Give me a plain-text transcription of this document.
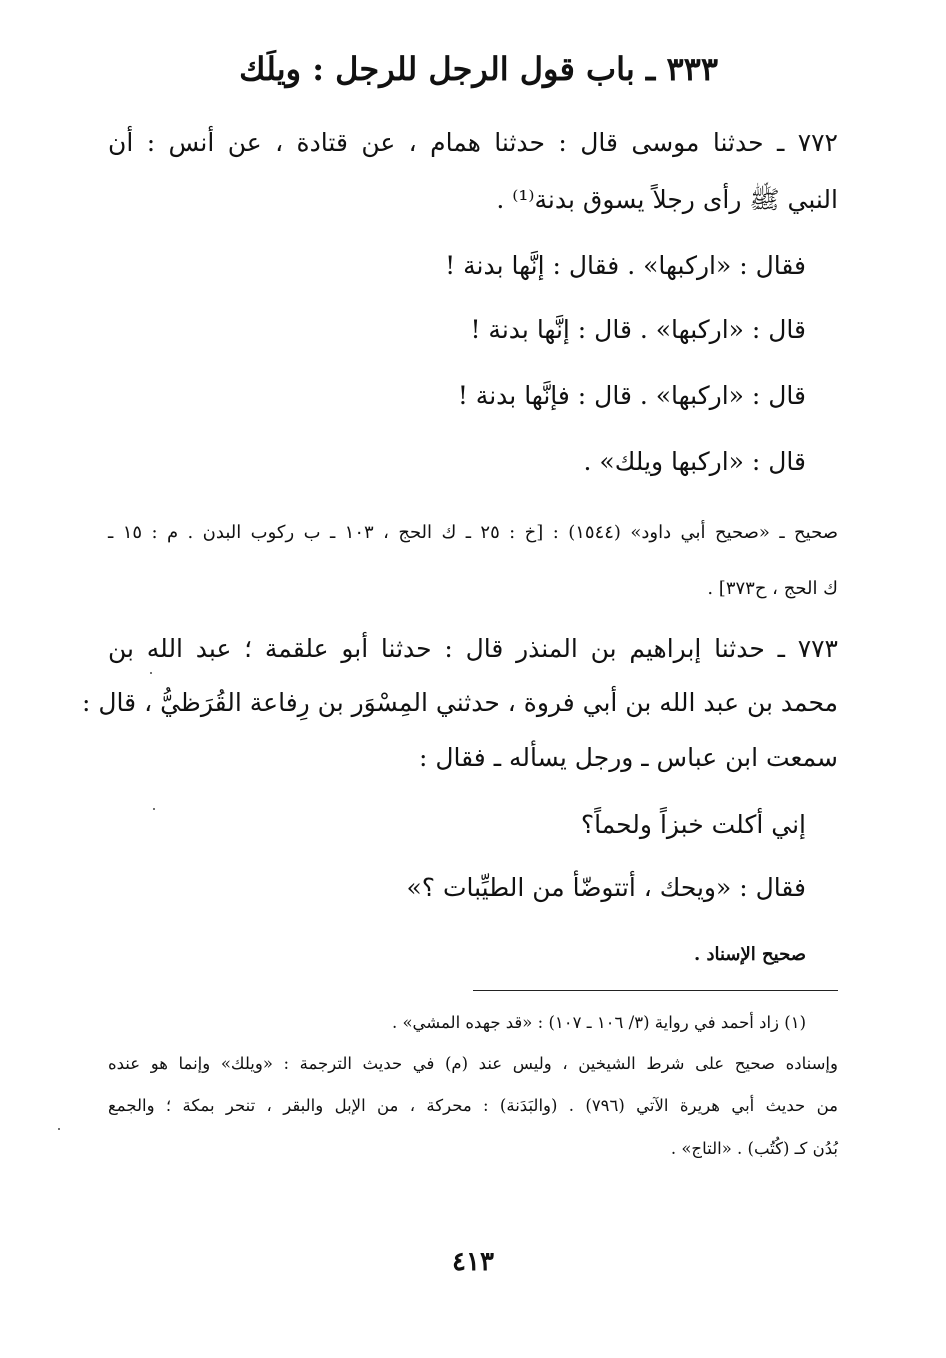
٣٣٣ ـ باب قول الرجل للرجل : ويلَك
٧٧٢ ـ حدثنا موسى قال : حدثنا همام ، عن قتادة ، عن أنس : أن
النبي ﷺ رأى رجلاً يسوق بدنة⁽¹⁾ .
فقال : «اركبها» . فقال : إنَّها بدنة !
قال : «اركبها» . قال : إنَّها بدنة !
قال : «اركبها» . قال : فإنَّها بدنة !
قال : «اركبها ويلك» .
صحيح ـ «صحيح أبي داود» (١٥٤٤) : [خ : ٢٥ ـ ك الحج ، ١٠٣ ـ ب ركوب البدن . م : ١٥ ـ
ك الحج ، ح٣٧٣] .
٧٧٣ ـ حدثنا إبراهيم بن المنذر قال : حدثنا أبو علقمة ؛ عبد الله بن
محمد بن عبد الله بن أبي فروة ، حدثني المِسْوَر بن رِفاعة القُرَظيُّ ، قال :
سمعت ابن عباس ـ ورجل يسأله ـ فقال :
إني أكلت خبزاً ولحماً؟
فقال : «ويحك ، أتتوضّأ من الطيِّبات ؟»
صحيح الإسناد .
(١) زاد أحمد في رواية (٣/ ١٠٦ ـ ١٠٧) : «قد جهده المشي» .
وإسناده صحيح على شرط الشيخين ، وليس عند (م) في حديث الترجمة : «ويلك» وإنما هو عنده
من حديث أبي هريرة الآتي (٧٩٦) . (والبَدَنة) : محركة ، من الإبل والبقر ، تنحر بمكة ؛ والجمع
بُدُن كـ (كُتُب) . «التاج» .
٤١٣
